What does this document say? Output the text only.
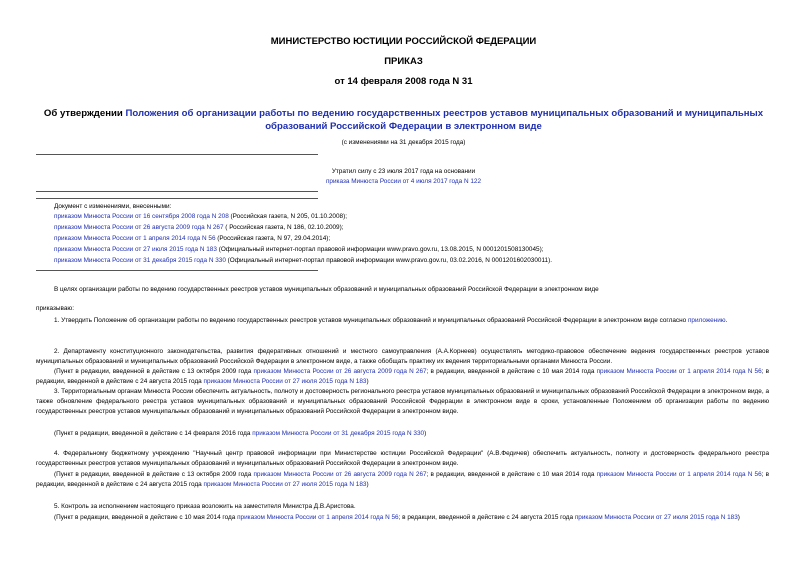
МИНИСТЕРСТВО ЮСТИЦИИ РОССИЙСКОЙ ФЕДЕРАЦИИ
ПРИКАЗ
от 14 февраля 2008 года N 31
Об утверждении Положения об организации работы по ведению государственных реестров уставов муниципальных образований и муниципальных образований Российской Федерации в электронном виде
(с изменениями на 31 декабря 2015 года)
Утратил силу с 23 июля 2017 года на основании
приказа Минюста России от 4 июля 2017 года N 122
Документ с изменениями, внесенными:
приказом Минюста России от 16 сентября 2008 года N 208 (Российская газета, N 205, 01.10.2008);
приказом Минюста России от 26 августа 2009 года N 267 ( Российская газета, N 186, 02.10.2009);
приказом Минюста России от 1 апреля 2014 года N 56 (Российская газета, N 97, 29.04.2014);
приказом Минюста России от 27 июля 2015 года N 183 (Официальный интернет-портал правовой информации www.pravo.gov.ru, 13.08.2015, N 0001201508130045);
приказом Минюста России от 31 декабря 2015 года N 330 (Официальный интернет-портал правовой информации www.pravo.gov.ru, 03.02.2016, N 0001201602030011).
В целях организации работы по ведению государственных реестров уставов муниципальных образований и муниципальных образований Российской Федерации в электронном виде
приказываю:
1. Утвердить Положение об организации работы по ведению государственных реестров уставов муниципальных образований и муниципальных образований Российской Федерации в электронном виде согласно приложению.
2. Департаменту конституционного законодательства, развития федеративных отношений и местного самоуправления (А.А.Корнеев) осуществлять методико-правовое обеспечение ведения государственных реестров уставов муниципальных образований и муниципальных образований Российской Федерации в электронном виде, а также обобщать практику их ведения территориальными органами Минюста России.
(Пункт в редакции, введенной в действие с 13 октября 2009 года приказом Минюста России от 26 августа 2009 года N 267; в редакции, введенной в действие с 10 мая 2014 года приказом Минюста России от 1 апреля 2014 года N 56; в редакции, введенной в действие с 24 августа 2015 года приказом Минюста России от 27 июля 2015 года N 183)
3. Территориальным органам Минюста России обеспечить актуальность, полноту и достоверность регионального реестра уставов муниципальных образований и муниципальных образований Российской Федерации в электронном виде, а также обновление федерального реестра уставов муниципальных образований и муниципальных образований Российской Федерации в электронном виде в сроки, установленные Положением об организации работы по ведению государственных реестров уставов муниципальных образований и муниципальных образований Российской Федерации в электронном виде.
(Пункт в редакции, введенной в действие с 14 февраля 2016 года приказом Минюста России от 31 декабря 2015 года N 330)
4. Федеральному бюджетному учреждению "Научный центр правовой информации при Министерстве юстиции Российской Федерации" (А.В.Федичев) обеспечить актуальность, полноту и достоверность федерального реестра государственных реестров уставов муниципальных образований и муниципальных образований Российской Федерации в электронном виде.
(Пункт в редакции, введенной в действие с 13 октября 2009 года приказом Минюста России от 26 августа 2009 года N 267; в редакции, введенной в действие с 10 мая 2014 года приказом Минюста России от 1 апреля 2014 года N 56; в редакции, введенной в действие с 24 августа 2015 года приказом Минюста России от 27 июля 2015 года N 183)
5. Контроль за исполнением настоящего приказа возложить на заместителя Министра Д.В.Аристова.
(Пункт в редакции, введенной в действие с 10 мая 2014 года приказом Минюста России от 1 апреля 2014 года N 56; в редакции, введенной в действие с 24 августа 2015 года приказом Минюста России от 27 июля 2015 года N 183)
